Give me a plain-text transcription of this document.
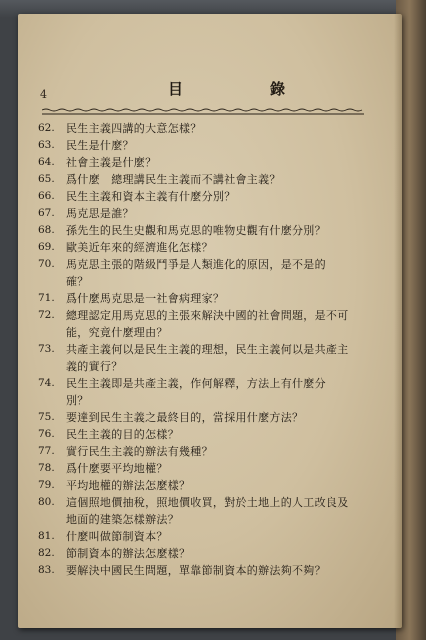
4	目	錄
62.	民生主義四講的大意怎樣？
63.	民生是什麼？
64.	社會主義是什麼？
65.	爲什麼　總理講民生主義而不講社會主義？
66.	民生主義和資本主義有什麼分別？
67.	馬克思是誰？
68.	孫先生的民生史觀和馬克思的唯物史觀有什麼分別？
69.	歐美近年來的經濟進化怎樣？
70.	馬克思主張的階級鬥爭是人類進化的原因，是不是的
確？
71.	爲什麼馬克思是一社會病理家？
72.	總理認定用馬克思的主張來解決中國的社會問題，是不可
能，究竟什麼理由？
73.	共產主義何以是民生主義的理想，民生主義何以是共產主
義的實行？
74.	民生主義即是共產主義，作何解釋，方法上有什麼分
別？
75.	要達到民生主義之最終目的，當採用什麼方法？
76.	民生主義的目的怎樣？
77.	實行民生主義的辦法有幾種？
78.	爲什麼要平均地權？
79.	平均地權的辦法怎麼樣？
80.	這個照地價抽稅，照地價收買，對於土地上的人工改良及
地面的建築怎樣辦法？
81.	什麼叫做節制資本？
82.	節制資本的辦法怎麼樣？
83.	要解決中國民生問題，單靠節制資本的辦法夠不夠？
